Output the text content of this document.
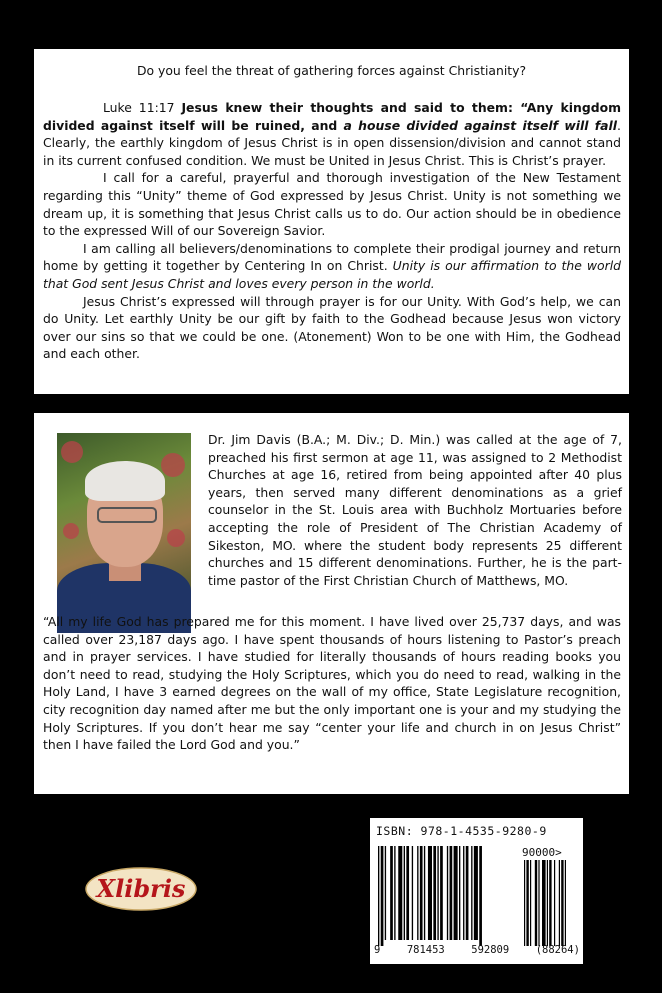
Do you feel the threat of gathering forces against Christianity?

Luke 11:17 Jesus knew their thoughts and said to them: “Any kingdom divided against itself will be ruined, and a house divided against itself will fall. Clearly, the earthly kingdom of Jesus Christ is in open dissension/division and cannot stand in its current confused condition. We must be United in Jesus Christ. This is Christ’s prayer.

I call for a careful, prayerful and thorough investigation of the New Testament regarding this “Unity” theme of God expressed by Jesus Christ. Unity is not something we dream up, it is something that Jesus Christ calls us to do. Our action should be in obedience to the expressed Will of our Sovereign Savior.

I am calling all believers/denominations to complete their prodigal journey and return home by getting it together by Centering In on Christ. Unity is our affirmation to the world that God sent Jesus Christ and loves every person in the world.

Jesus Christ’s expressed will through prayer is for our Unity. With God’s help, we can do Unity. Let earthly Unity be our gift by faith to the Godhead because Jesus won victory over our sins so that we could be one. (Atonement) Won to be one with Him, the Godhead and each other.

Dr. Jim Davis (B.A.; M. Div.; D. Min.) was called at the age of 7, preached his first sermon at age 11, was assigned to 2 Methodist Churches at age 16, retired from being appointed after 40 plus years, then served many different denominations as a grief counselor in the St. Louis area with Buchholz Mortuaries before accepting the role of President of The Christian Academy of Sikeston, MO. where the student body represents 25 different churches and 15 different denominations. Further, he is the part-time pastor of the First Christian Church of Matthews, MO.
“All my life God has prepared me for this moment. I have lived over 25,737 days, and was called over 23,187 days ago. I have spent thousands of hours listening to Pastor’s preach and in prayer services. I have studied for literally thousands of hours reading books you don’t need to read, studying the Holy Scriptures, which you do need to read, walking in the Holy Land, I have 3 earned degrees on the wall of my office, State Legislature recognition, city recognition day named after me but the only important one is your and my studying the Holy Scriptures. If you don’t hear me say “center your life and church in on Jesus Christ” then I have failed the Lord God and you.”
ISBN: 978-1-4535-9280-9
90000>
9	781453	592809	(88264)
Xlibris
